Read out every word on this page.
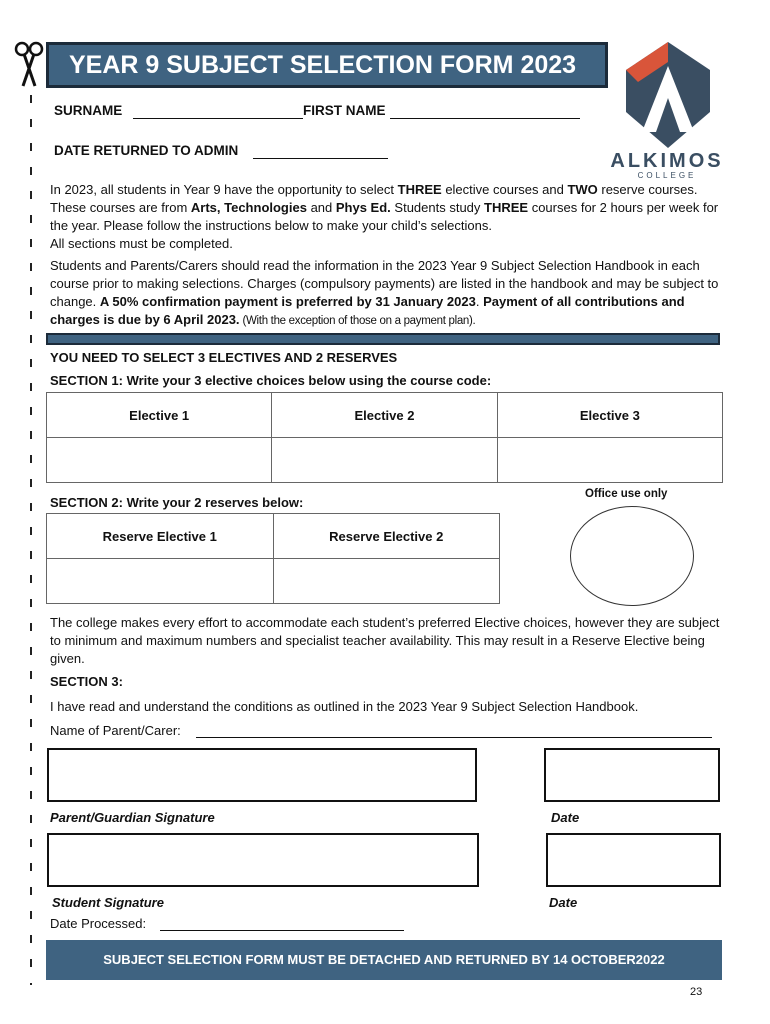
YEAR 9 SUBJECT SELECTION FORM 2023
ALKIMOS
COLLEGE
SURNAME	FIRST NAME
DATE RETURNED TO ADMIN

In 2023, all students in Year 9 have the opportunity to select THREE elective courses and TWO reserve courses. These courses are from Arts, Technologies and Phys Ed. Students study THREE courses for 2 hours per week for the year. Please follow the instructions below to make your child’s selections.

All sections must be completed.

Students and Parents/Carers should read the information in the 2023 Year 9 Subject Selection Handbook in each course prior to making selections. Charges (compulsory payments) are listed in the handbook and may be subject to change. A 50% confirmation payment is preferred by 31 January 2023. Payment of all contributions and charges is due by 6 April 2023. (With the exception of those on a payment plan).

YOU NEED TO SELECT 3 ELECTIVES AND 2 RESERVES
SECTION 1: Write your 3 elective choices below using the course code:
Elective 1	Elective 2	Elective 3

SECTION 2: Write your 2 reserves below:
Office use only
Reserve Elective 1	Reserve Elective 2

The college makes every effort to accommodate each student’s preferred Elective choices, however they are subject to minimum and maximum numbers and specialist teacher availability. This may result in a Reserve Elective being given.
SECTION 3:
I have read and understand the conditions as outlined in the 2023 Year 9 Subject Selection Handbook.
Name of Parent/Carer:
Parent/Guardian Signature	Date
Student Signature	Date
Date Processed:
SUBJECT SELECTION FORM MUST BE DETACHED AND RETURNED BY 14 OCTOBER2022
23
